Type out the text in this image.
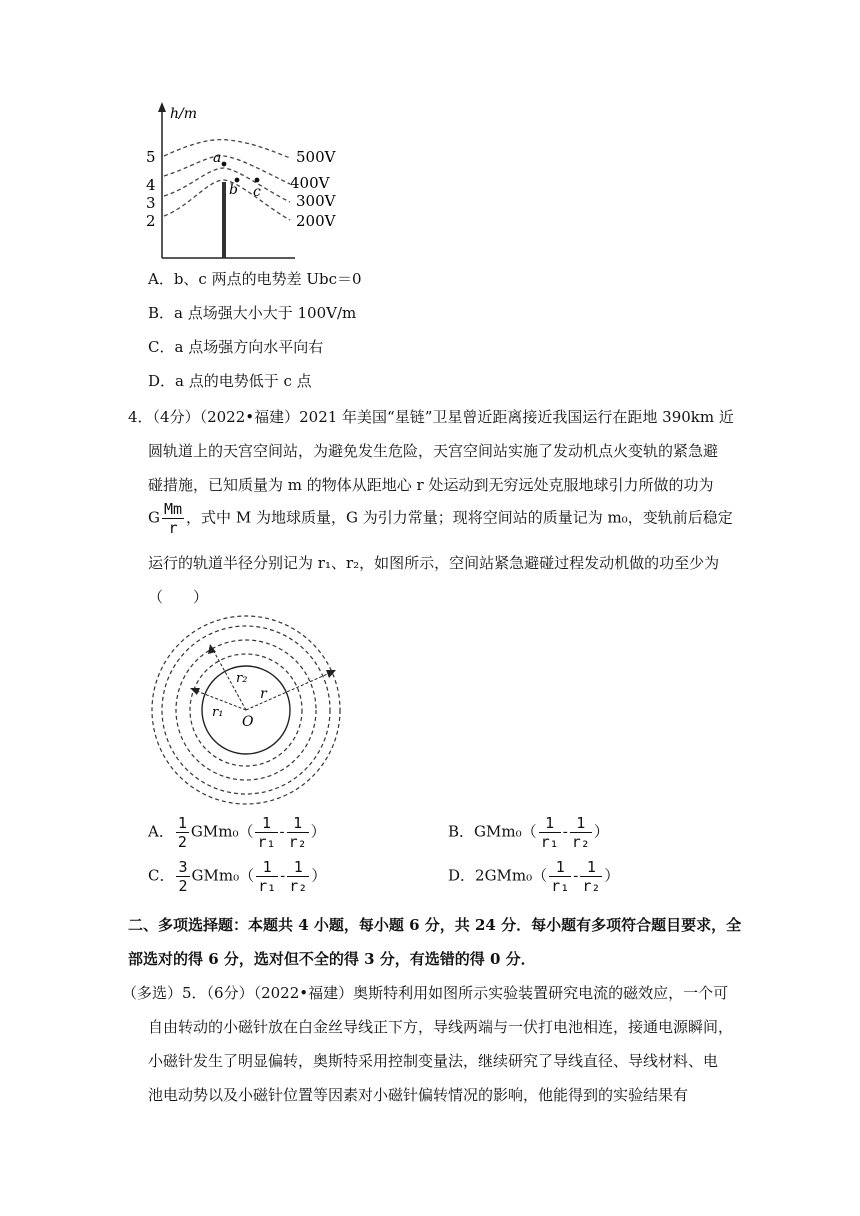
h/m
5
4
3
2
a
b c
500V
400V
300V
200V
A．b、c 两点的电势差 Ubc＝0
B．a 点场强大小大于 100V/m
C．a 点场强方向水平向右
D．a 点的电势低于 c 点
4．（4分）（2022•福建）2021 年美国“星链”卫星曾近距离接近我国运行在距地 390km 近
圆轨道上的天宫空间站，为避免发生危险，天宫空间站实施了发动机点火变轨的紧急避
碰措施，已知质量为 m 的物体从距地心 r 处运动到无穷远处克服地球引力所做的功为
G $\frac{Mm}{r}$ ，式中 M 为地球质量，G 为引力常量；现将空间站的质量记为 m₀，变轨前后稳定
运行的轨道半径分别记为 r₁、r₂，如图所示，空间站紧急避碰过程发动机做的功至少为
（　　）
r₂
r
r₁
O
A． $\frac{1}{2} GMm_0( \frac{1}{\text{r₁}} - \frac{1}{\text{r₂}}$ ）	B．$GMm_0( \frac{1}{\text{r₁}} - \frac{1}{\text{r₂}}$ ）
C． $\frac{3}{2} GMm_0( \frac{1}{\text{r₁}} - \frac{1}{\text{r₂}}$ ）	D．$2GMm_0( \frac{1}{\text{r₁}} - \frac{1}{\text{r₂}}$ ）
二、多项选择题：本题共 4 小题，每小题 6 分，共 24 分．每小题有多项符合题目要求，全
部选对的得 6 分，选对但不全的得 3 分，有选错的得 0 分．
（多选）5．（6分）（2022•福建）奥斯特利用如图所示实验装置研究电流的磁效应，一个可
自由转动的小磁针放在白金丝导线正下方，导线两端与一伏打电池相连，接通电源瞬间，
小磁针发生了明显偏转，奥斯特采用控制变量法，继续研究了导线直径、导线材料、电
池电动势以及小磁针位置等因素对小磁针偏转情况的影响，他能得到的实验结果有
